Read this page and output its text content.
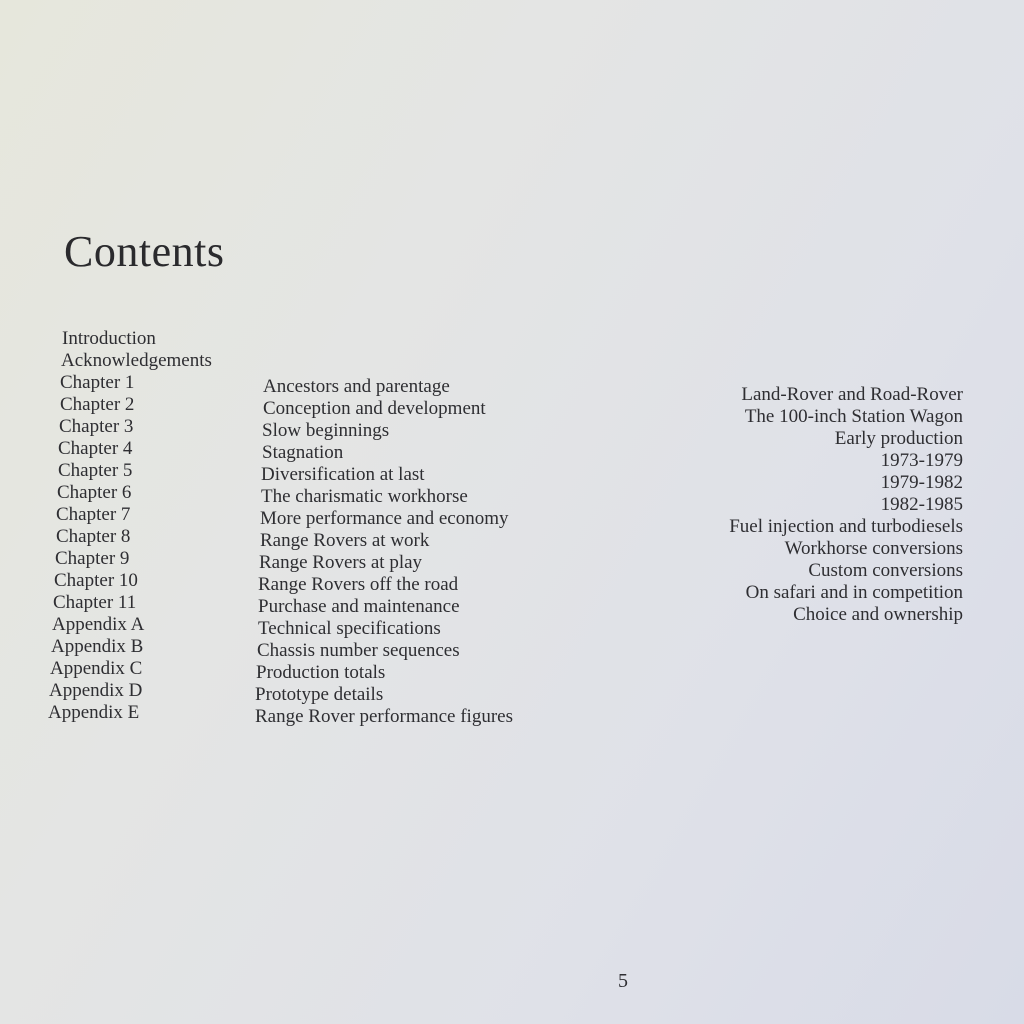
Contents
Introduction
Acknowledgements
Chapter 1
Chapter 2
Chapter 3
Chapter 4
Chapter 5
Chapter 6
Chapter 7
Chapter 8
Chapter 9
Chapter 10
Chapter 11
Appendix A
Appendix B
Appendix C
Appendix D
Appendix E
Ancestors and parentage
Conception and development
Slow beginnings
Stagnation
Diversification at last
The charismatic workhorse
More performance and economy
Range Rovers at work
Range Rovers at play
Range Rovers off the road
Purchase and maintenance
Technical specifications
Chassis number sequences
Production totals
Prototype details
Range Rover performance figures
Land-Rover and Road-Rover
The 100-inch Station Wagon
Early production
1973-1979
1979-1982
1982-1985
Fuel injection and turbodiesels
Workhorse conversions
Custom conversions
On safari and in competition
Choice and ownership
5
